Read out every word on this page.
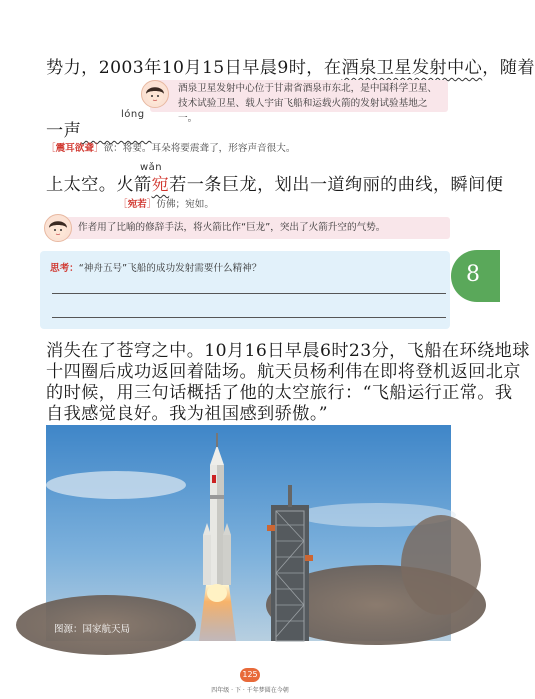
势力，2003年10月15日早晨9时，在酒泉卫星发射中心，随着
酒泉卫星发射中心位于甘肃省酒泉市东北，是中国科学卫星、技术试验卫星、载人宇宙飞船和运载火箭的发射试验基地之一。
lóng
一声
［震耳欲聋］欲：将要。耳朵将要震聋了，形容声音很大。
wǎn
上太空。火箭宛若一条巨龙，划出一道绚丽的曲线，瞬间便
［宛若］仿佛；宛如。
作者用了比喻的修辞手法，将火箭比作“巨龙”，突出了火箭升空的气势。
思考：“神舟五号”飞船的成功发射需要什么精神？	8
消失在了苍穹之中。10月16日早晨6时23分，飞船在环绕地球
十四圈后成功返回着陆场。航天员杨利伟在即将登机返回北京
的时候，用三句话概括了他的太空旅行：“飞船运行正常。我
自我感觉良好。我为祖国感到骄傲。”
图源：国家航天局
125
四年级 · 下 · 千年梦圆在今朝
